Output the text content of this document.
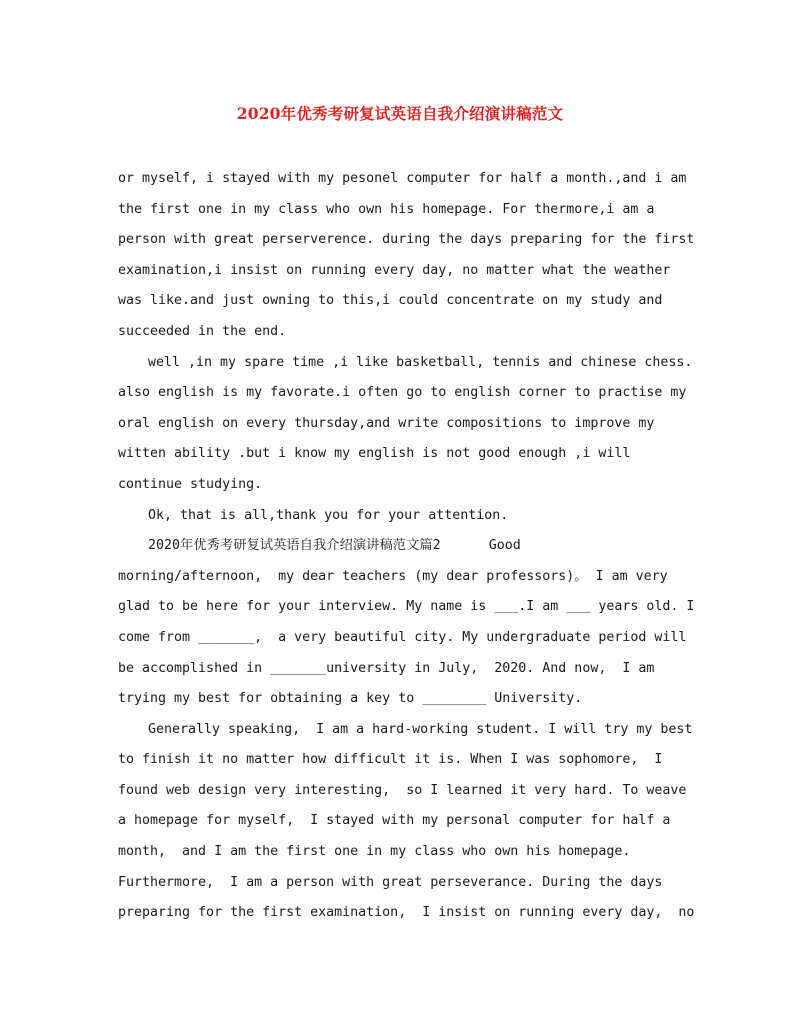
2020年优秀考研复试英语自我介绍演讲稿范文
or myself, i stayed with my pesonel computer for half a month.,and i am
the first one in my class who own his homepage. For thermore,i am a
person with great perserverence. during the days preparing for the first
examination,i insist on running every day, no matter what the weather
was like.and just owning to this,i could concentrate on my study and
succeeded in the end.
well ,in my spare time ,i like basketball, tennis and chinese chess.
also english is my favorate.i often go to english corner to practise my
oral english on every thursday,and write compositions to improve my
witten ability .but i know my english is not good enough ,i will
continue studying.
Ok, that is all,thank you for your attention.
2020年优秀考研复试英语自我介绍演讲稿范文篇2      Good
morning/afternoon,  my dear teachers (my dear professors)。 I am very
glad to be here for your interview. My name is ___.I am ___ years old. I
come from _______,  a very beautiful city. My undergraduate period will
be accomplished in _______university in July,  2020. And now,  I am
trying my best for obtaining a key to ________ University.
Generally speaking,  I am a hard-working student. I will try my best
to finish it no matter how difficult it is. When I was sophomore,  I
found web design very interesting,  so I learned it very hard. To weave
a homepage for myself,  I stayed with my personal computer for half a
month,  and I am the first one in my class who own his homepage.
Furthermore,  I am a person with great perseverance. During the days
preparing for the first examination,  I insist on running every day,  no
